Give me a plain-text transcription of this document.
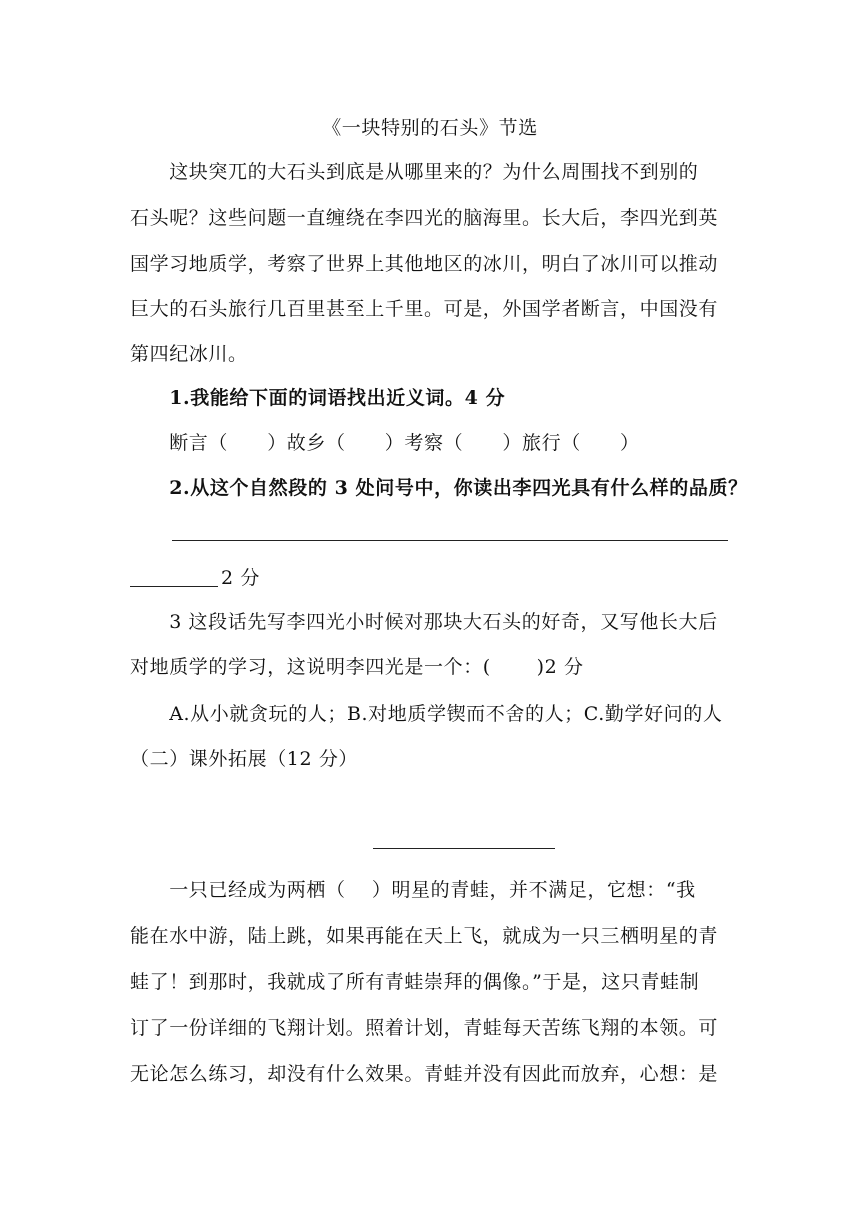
《一块特别的石头》节选
　　这块突兀的大石头到底是从哪里来的？为什么周围找不到别的
石头呢？这些问题一直缠绕在李四光的脑海里。长大后，李四光到英
国学习地质学，考察了世界上其他地区的冰川，明白了冰川可以推动
巨大的石头旅行几百里甚至上千里。可是，外国学者断言，中国没有
第四纪冰川。
　　1.我能给下面的词语找出近义词。4 分
　　断言（　　）故乡（　　）考察（　　）旅行（　　）
　　2.从这个自然段的 3 处问号中，你读出李四光具有什么样的品质？
2 分
　　3 这段话先写李四光小时候对那块大石头的好奇，又写他长大后
对地质学的学习，这说明李四光是一个：(　　 )2 分
　　A.从小就贪玩的人；B.对地质学锲而不舍的人；C.勤学好问的人
（二）课外拓展（12 分）
　　一只已经成为两栖（　 ）明星的青蛙，并不满足，它想：“我
能在水中游，陆上跳，如果再能在天上飞，就成为一只三栖明星的青
蛙了！到那时，我就成了所有青蛙崇拜的偶像。”于是，这只青蛙制
订了一份详细的飞翔计划。照着计划，青蛙每天苦练飞翔的本领。可
无论怎么练习，却没有什么效果。青蛙并没有因此而放弃，心想：是
